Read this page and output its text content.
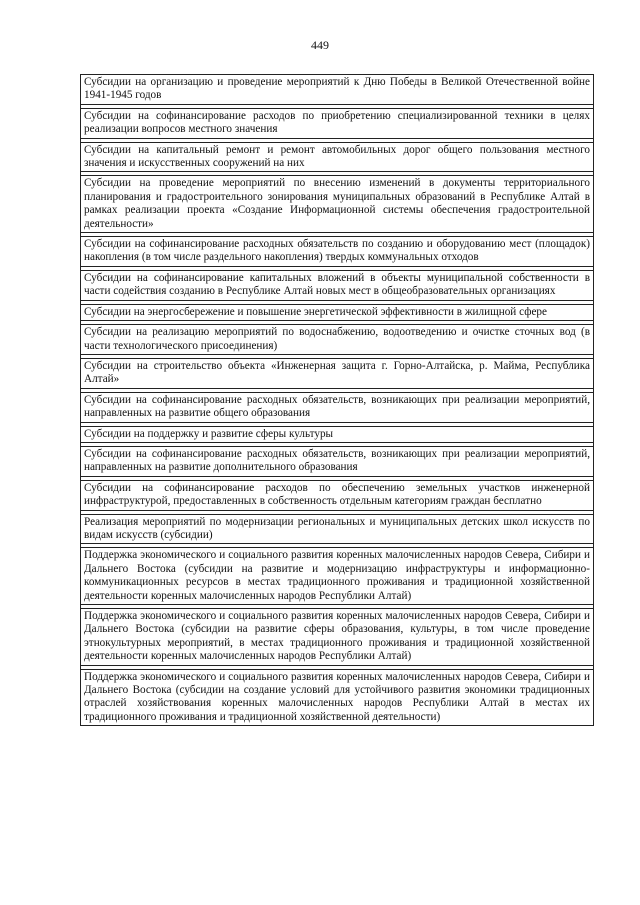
449
Субсидии на организацию и проведение мероприятий к Дню Победы в Великой Отечественной войне 1941-1945 годов
Субсидии на софинансирование расходов по приобретению специализированной техники в целях реализации вопросов местного значения
Субсидии на капитальный ремонт и ремонт автомобильных дорог общего пользования местного значения и искусственных сооружений на них
Субсидии на проведение мероприятий по внесению изменений в документы территориального планирования и градостроительного зонирования муниципальных образований в Республике Алтай в рамках реализации проекта «Создание Информационной системы обеспечения градостроительной деятельности»
Субсидии на софинансирование расходных обязательств по созданию и оборудованию мест (площадок) накопления (в том числе раздельного накопления) твердых коммунальных отходов
Субсидии на софинансирование капитальных вложений в объекты муниципальной собственности в части содействия созданию в Республике Алтай новых мест в общеобразовательных организациях
Субсидии на энергосбережение и повышение энергетической эффективности в жилищной сфере
Субсидии на реализацию мероприятий по водоснабжению, водоотведению и очистке сточных вод (в части технологического присоединения)
Субсидии на строительство объекта «Инженерная защита г. Горно-Алтайска, р. Майма, Республика Алтай»
Субсидии на софинансирование расходных обязательств, возникающих при реализации мероприятий, направленных на развитие общего образования
Субсидии на поддержку и развитие сферы культуры
Субсидии на софинансирование расходных обязательств, возникающих при реализации мероприятий, направленных на развитие дополнительного образования
Субсидии на софинансирование расходов по обеспечению земельных участков инженерной инфраструктурой, предоставленных в собственность отдельным категориям граждан бесплатно
Реализация мероприятий по модернизации региональных и муниципальных детских школ искусств по видам искусств (субсидии)
Поддержка экономического и социального развития коренных малочисленных народов Севера, Сибири и Дальнего Востока (субсидии на развитие и модернизацию инфраструктуры и информационно-коммуникационных ресурсов в местах традиционного проживания и традиционной хозяйственной деятельности коренных малочисленных народов Республики Алтай)
Поддержка экономического и социального развития коренных малочисленных народов Севера, Сибири и Дальнего Востока (субсидии на развитие сферы образования, культуры, в том числе проведение этнокультурных мероприятий, в местах традиционного проживания и традиционной хозяйственной деятельности коренных малочисленных народов Республики Алтай)
Поддержка экономического и социального развития коренных малочисленных народов Севера, Сибири и Дальнего Востока (субсидии на создание условий для устойчивого развития экономики традиционных отраслей хозяйствования коренных малочисленных народов Республики Алтай в местах их традиционного проживания и традиционной хозяйственной деятельности)
